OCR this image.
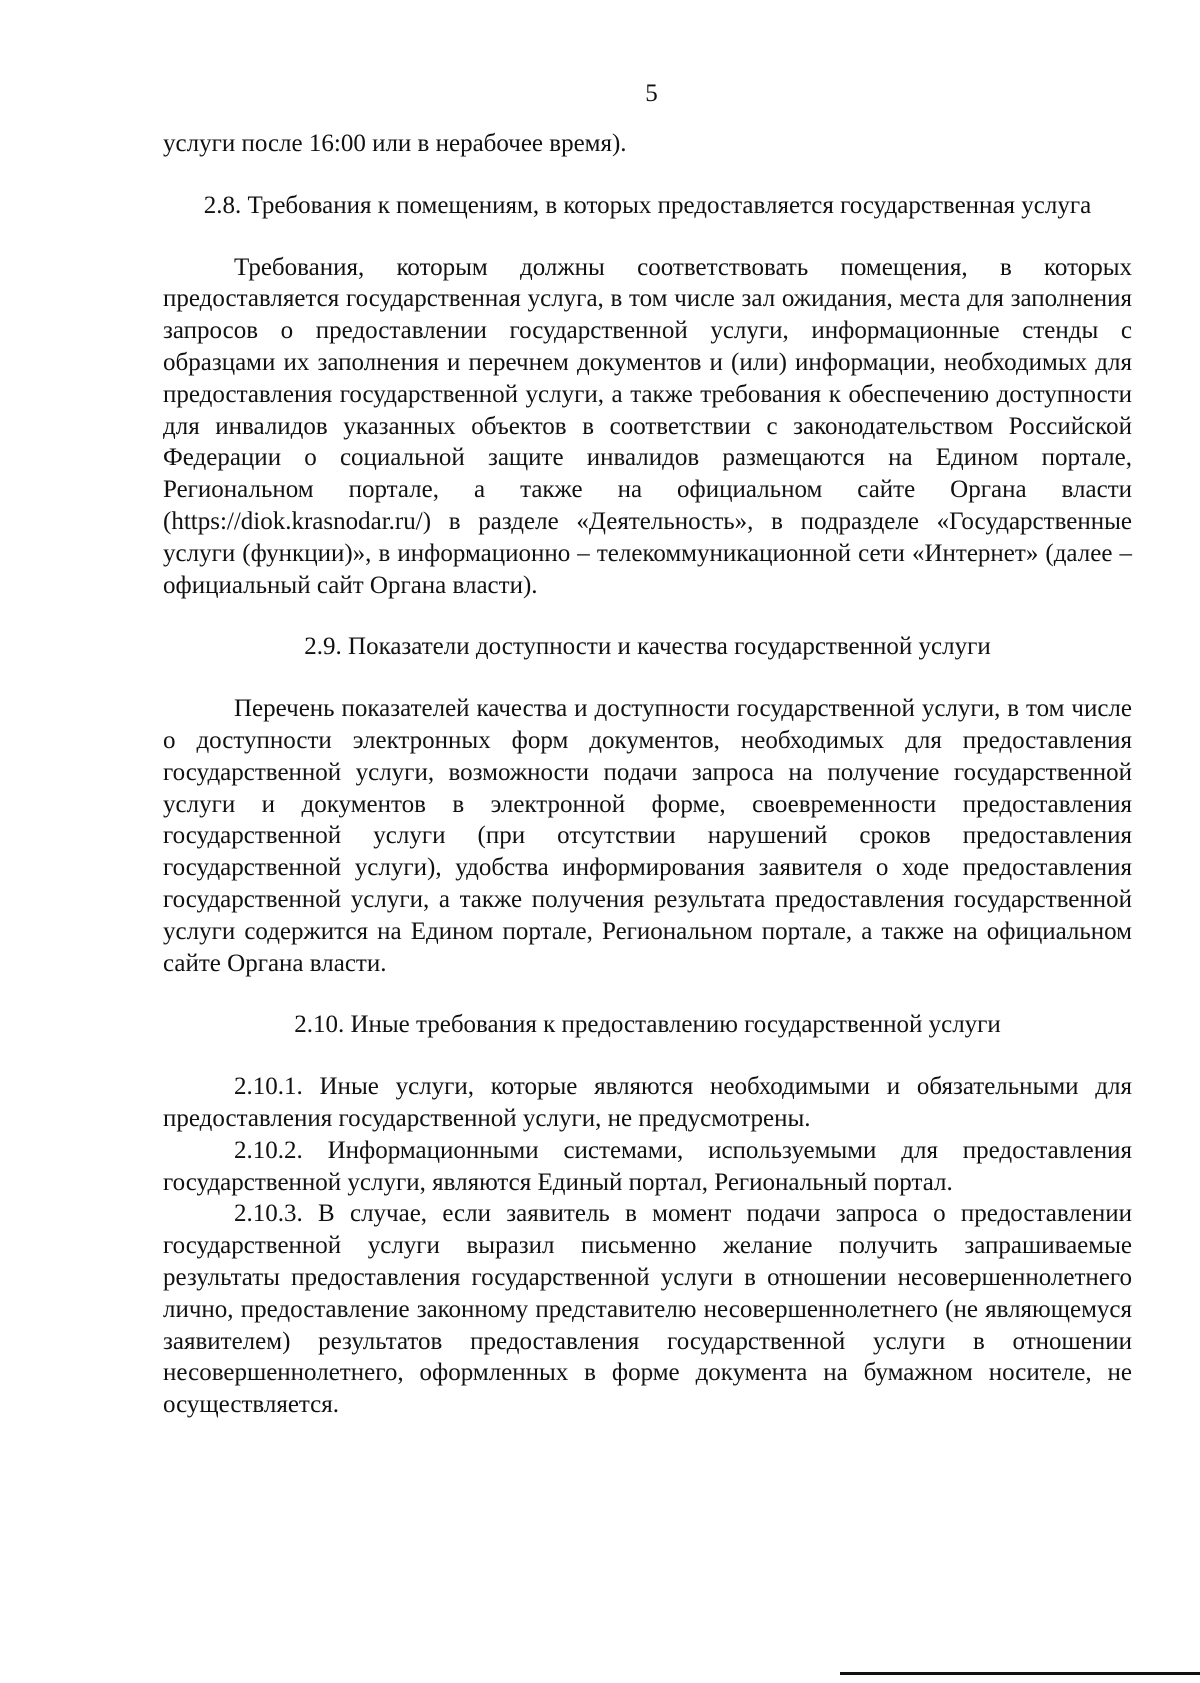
5

услуги после 16:00 или в нерабочее время).

2.8. Требования к помещениям, в которых предоставляется государственная услуга

Требования, которым должны соответствовать помещения, в которых предоставляется государственная услуга, в том числе зал ожидания, места для заполнения запросов о предоставлении государственной услуги, информационные стенды с образцами их заполнения и перечнем документов и (или) информации, необходимых для предоставления государственной услуги, а также требования к обеспечению доступности для инвалидов указанных объектов в соответствии с законодательством Российской Федерации о социальной защите инвалидов размещаются на Едином портале, Региональном портале, а также на официальном сайте Органа власти (https://diok.krasnodar.ru/) в разделе «Деятельность», в подразделе «Государственные услуги (функции)», в информационно – телекоммуникационной сети «Интернет» (далее – официальный сайт Органа власти).

2.9. Показатели доступности и качества государственной услуги

Перечень показателей качества и доступности государственной услуги, в том числе о доступности электронных форм документов, необходимых для предоставления государственной услуги, возможности подачи запроса на получение государственной услуги и документов в электронной форме, своевременности предоставления государственной услуги (при отсутствии нарушений сроков предоставления государственной услуги), удобства информирования заявителя о ходе предоставления государственной услуги, а также получения результата предоставления государственной услуги содержится на Едином портале, Региональном портале, а также на официальном сайте Органа власти.

2.10. Иные требования к предоставлению государственной услуги

2.10.1. Иные услуги, которые являются необходимыми и обязательными для предоставления государственной услуги, не предусмотрены.

2.10.2. Информационными системами, используемыми для предоставления государственной услуги, являются Единый портал, Региональный портал.

2.10.3. В случае, если заявитель в момент подачи запроса о предоставлении государственной услуги выразил письменно желание получить запрашиваемые результаты предоставления государственной услуги в отношении несовершеннолетнего лично, предоставление законному представителю несовершеннолетнего (не являющемуся заявителем) результатов предоставления государственной услуги в отношении несовершеннолетнего, оформленных в форме документа на бумажном носителе, не осуществляется.
